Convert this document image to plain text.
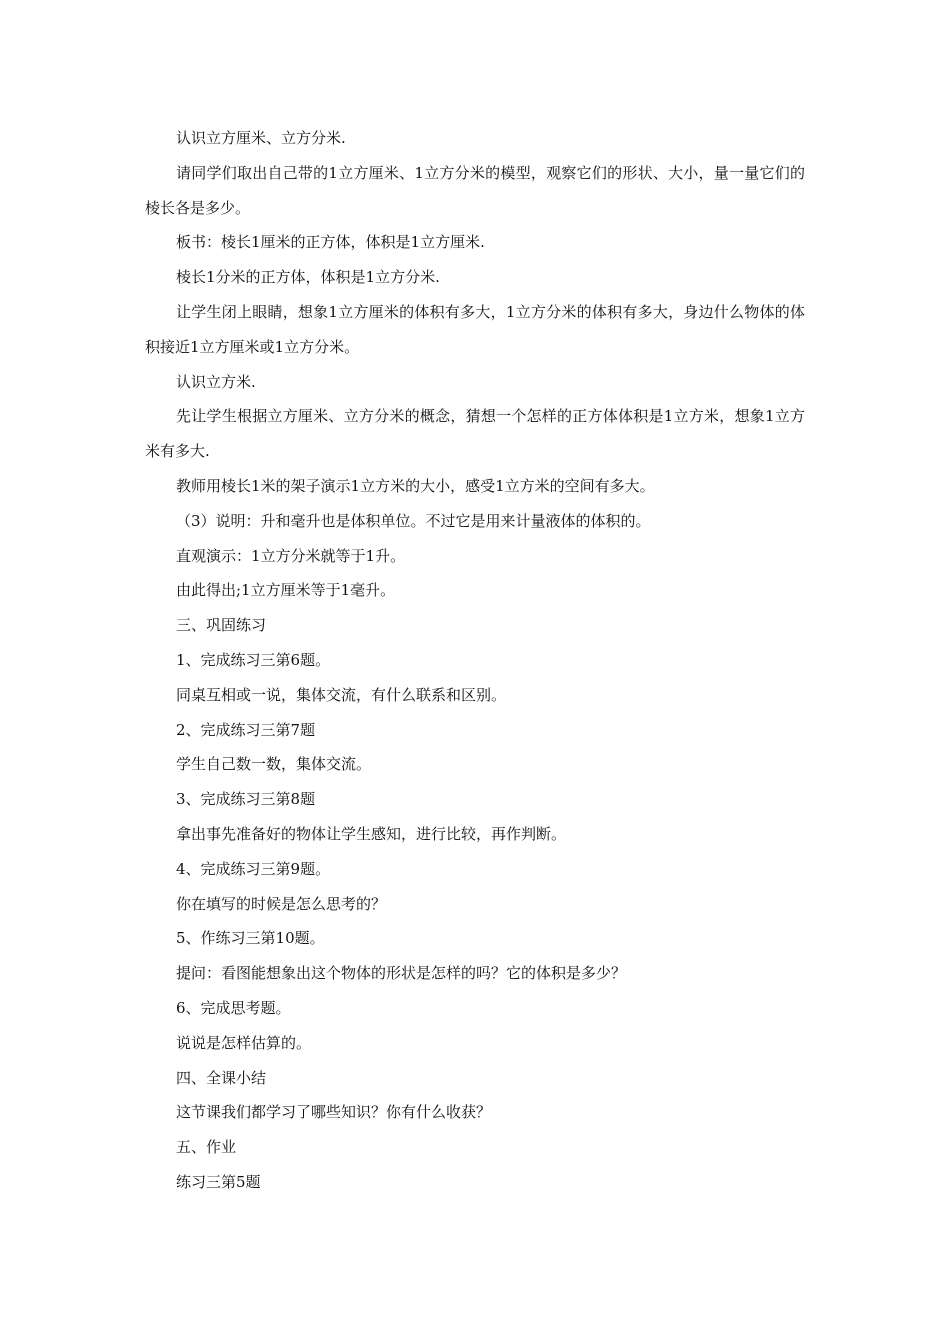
认识立方厘米、立方分米.

请同学们取出自己带的1立方厘米、1立方分米的模型，观察它们的形状、大小，量一量它们的棱长各是多少。

板书：棱长1厘米的正方体，体积是1立方厘米.

棱长1分米的正方体，体积是1立方分米.

让学生闭上眼睛，想象1立方厘米的体积有多大，1立方分米的体积有多大，身边什么物体的体积接近1立方厘米或1立方分米。

认识立方米.

先让学生根据立方厘米、立方分米的概念，猜想一个怎样的正方体体积是1立方米，想象1立方米有多大.

教师用棱长1米的架子演示1立方米的大小，感受1立方米的空间有多大。

（3）说明：升和毫升也是体积单位。不过它是用来计量液体的体积的。

直观演示：1立方分米就等于1升。

由此得出;1立方厘米等于1毫升。

三、巩固练习

1、完成练习三第6题。

同桌互相或一说，集体交流，有什么联系和区别。

2、完成练习三第7题

学生自己数一数，集体交流。

3、完成练习三第8题

拿出事先准备好的物体让学生感知，进行比较，再作判断。

4、完成练习三第9题。

你在填写的时候是怎么思考的？

5、作练习三第10题。

提问：看图能想象出这个物体的形状是怎样的吗？它的体积是多少？

6、完成思考题。

说说是怎样估算的。

四、全课小结

这节课我们都学习了哪些知识？你有什么收获？

五、作业

练习三第5题
